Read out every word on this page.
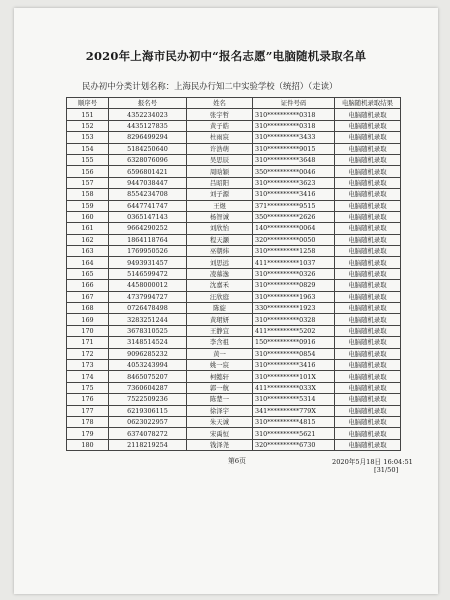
2020年上海市民办初中“报名志愿”电脑随机录取名单
民办初中分类计划名称：上海民办行知二中实验学校（统招）（走读）
顺序号	报名号	姓名	证件号码	电脑随机录取结果
151	4352234023	张宇哲	310**********0318	电脑随机录取
152	4435127835	黄子皓	310**********0318	电脑随机录取
153	8296499294	杜雨宸	310**********3433	电脑随机录取
154	5184250640	许浩萌	310**********9015	电脑随机录取
155	6328076096	吴思辰	310**********3648	电脑随机录取
156	6596801421	周晗颖	350**********0046	电脑随机录取
157	9447038447	吕昭阳	310**********3623	电脑随机录取
158	8554234708	刘子源	310**********3416	电脑随机录取
159	6447741747	王煜	371**********9515	电脑随机录取
160	0365147143	杨智诚	350**********2626	电脑随机录取
161	9664290252	刘欣怡	140**********0064	电脑随机录取
162	1864118764	程天灏	320**********0050	电脑随机录取
163	1769950526	巫朝炜	310**********1258	电脑随机录取
164	9493931457	刘思远	411**********1037	电脑随机录取
165	5146599472	凌慕逸	310**********0326	电脑随机录取
166	4458000012	沈嘉禾	310**********0829	电脑随机录取
167	4737994727	汪欣庭	310**********1963	电脑随机录取
168	0726478498	陈旋	330**********1923	电脑随机录取
169	3283251244	黄珺妍	310**********0328	电脑随机录取
170	3678310525	王静宜	411**********5202	电脑随机录取
171	3148514524	李含祖	150**********0916	电脑随机录取
172	9096285232	黄一	310**********0854	电脑随机录取
173	4053243994	姚一宸	310**********3416	电脑随机录取
174	8465075207	柯懿轩	310**********101X	电脑随机录取
175	7360604287	郭一航	411**********033X	电脑随机录取
176	7522509236	陈楚一	310**********5314	电脑随机录取
177	6219306115	徐泽宇	341**********779X	电脑随机录取
178	0623022957	朱天诚	310**********4815	电脑随机录取
179	6374078272	宋禹恒	310**********5621	电脑随机录取
180	2118219254	钱泽尧	320**********6730	电脑随机录取
第6页	2020年5月18日 16:04:51
[31/50]
